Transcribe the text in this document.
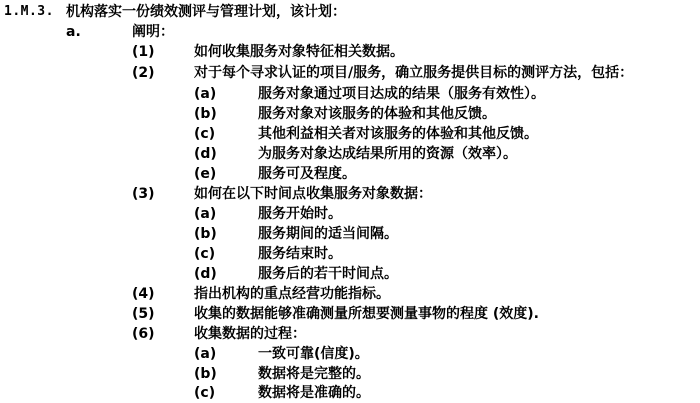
1.M.3. 机构落实一份绩效测评与管理计划，该计划：
a.	阐明：
(1)	如何收集服务对象特征相关数据。
(2)	对于每个寻求认证的项目/服务，确立服务提供目标的测评方法，包括：
(a)	服务对象通过项目达成的结果（服务有效性）。
(b)	服务对象对该服务的体验和其他反馈。
(c)	其他利益相关者对该服务的体验和其他反馈。
(d)	为服务对象达成结果所用的资源（效率）。
(e)	服务可及程度。
(3)	如何在以下时间点收集服务对象数据：
(a)	服务开始时。
(b)	服务期间的适当间隔。
(c)	服务结束时。
(d)	服务后的若干时间点。
(4)	指出机构的重点经营功能指标。
(5)	收集的数据能够准确测量所想要测量事物的程度 (效度).
(6)	收集数据的过程：
(a)	一致可靠(信度)。
(b)	数据将是完整的。
(c)	数据将是准确的。
